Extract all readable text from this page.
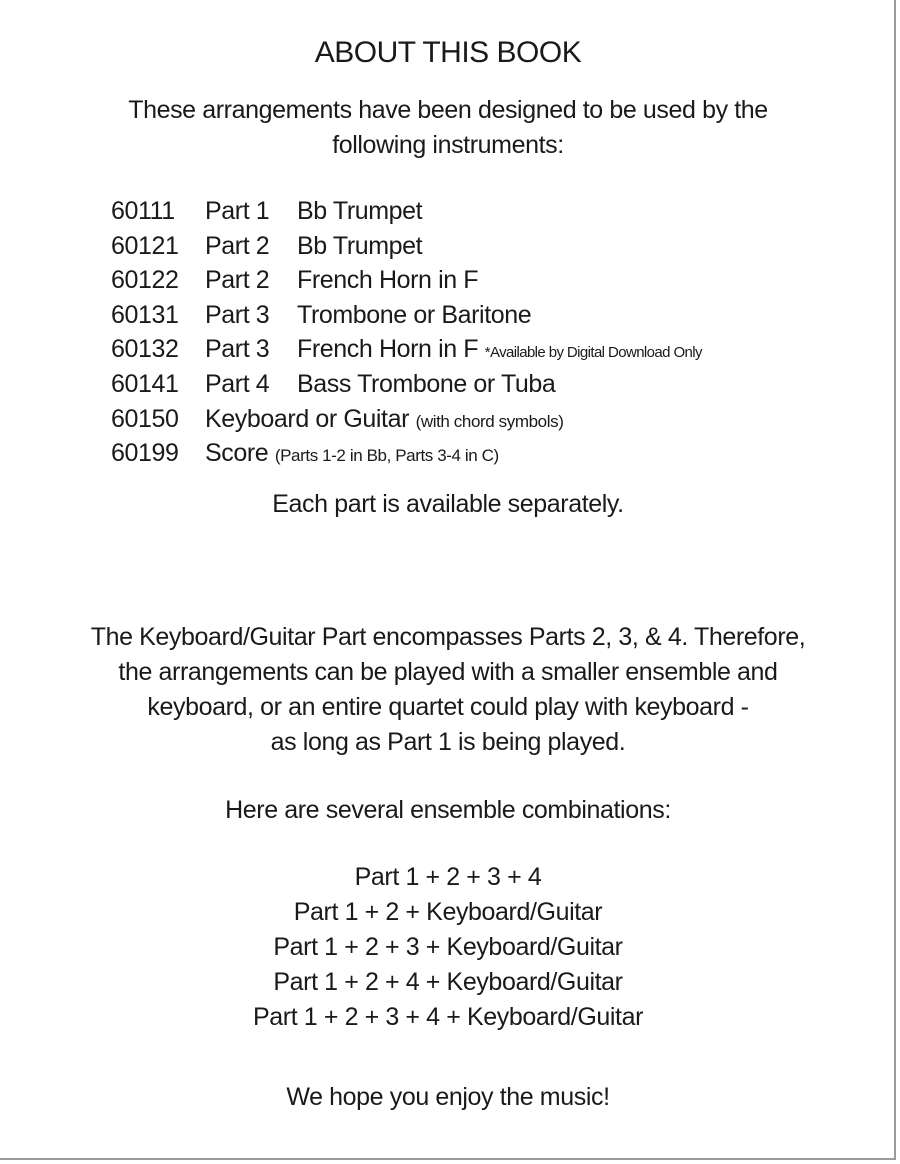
ABOUT THIS BOOK
These arrangements have been designed to be used by the
following instruments:
60111 Part 1 Bb Trumpet
60121 Part 2 Bb Trumpet
60122 Part 2 French Horn in F
60131 Part 3 Trombone or Baritone
60132 Part 3 French Horn in F *Available by Digital Download Only
60141 Part 4 Bass Trombone or Tuba
60150 Keyboard or Guitar (with chord symbols)
60199 Score (Parts 1-2 in Bb, Parts 3-4 in C)
Each part is available separately.
The Keyboard/Guitar Part encompasses Parts 2, 3, & 4. Therefore,
the arrangements can be played with a smaller ensemble and
keyboard, or an entire quartet could play with keyboard -
as long as Part 1 is being played.
Here are several ensemble combinations:
Part 1 + 2 + 3 + 4
Part 1 + 2 + Keyboard/Guitar
Part 1 + 2 + 3 + Keyboard/Guitar
Part 1 + 2 + 4 + Keyboard/Guitar
Part 1 + 2 + 3 + 4 + Keyboard/Guitar
We hope you enjoy the music!
